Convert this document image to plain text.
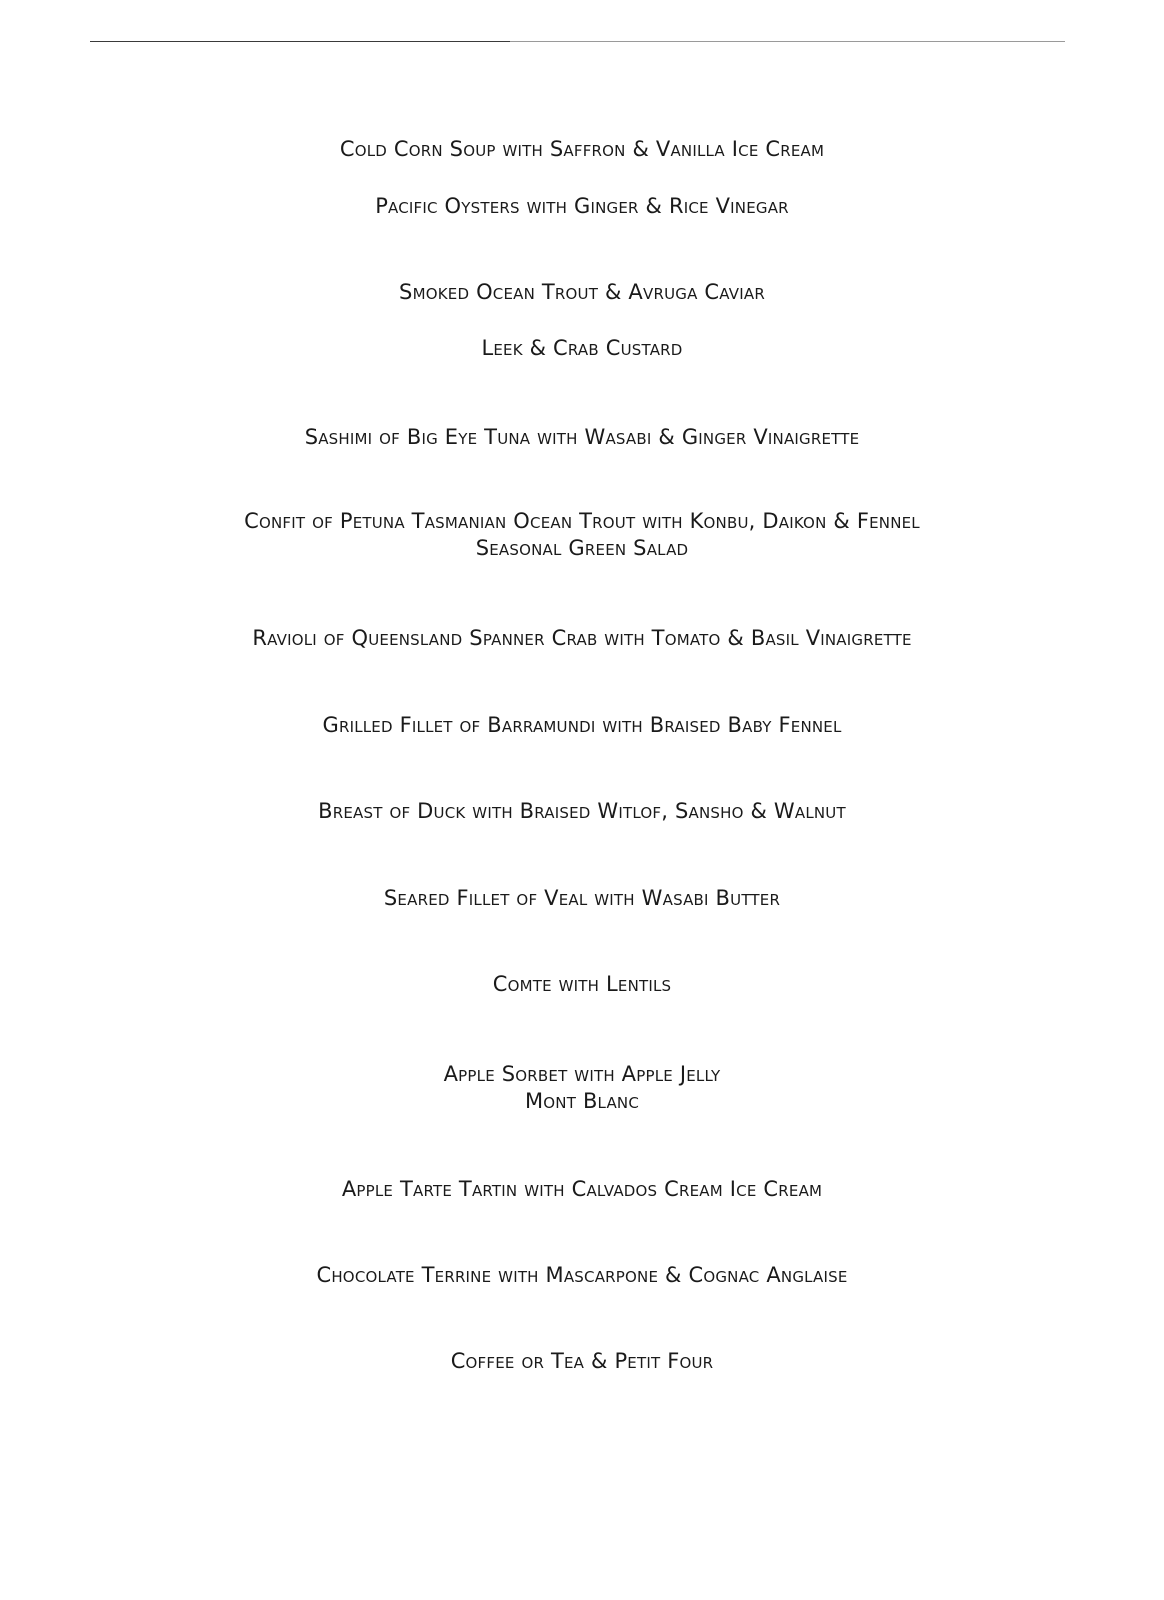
Cold Corn Soup with Saffron & Vanilla Ice Cream
Pacific Oysters with Ginger & Rice Vinegar
Smoked Ocean Trout & Avruga Caviar
Leek & Crab Custard
Sashimi of Big Eye Tuna with Wasabi & Ginger Vinaigrette
Confit of Petuna Tasmanian Ocean Trout with Konbu, Daikon & Fennel
Seasonal Green Salad
Ravioli of Queensland Spanner Crab with Tomato & Basil Vinaigrette
Grilled Fillet of Barramundi with Braised Baby Fennel
Breast of Duck with Braised Witlof, Sansho & Walnut
Seared Fillet of Veal with Wasabi Butter
Comte with Lentils
Apple Sorbet with Apple Jelly
Mont Blanc
Apple Tarte Tartin with Calvados Cream Ice Cream
Chocolate Terrine with Mascarpone & Cognac Anglaise
Coffee or Tea & Petit Four
